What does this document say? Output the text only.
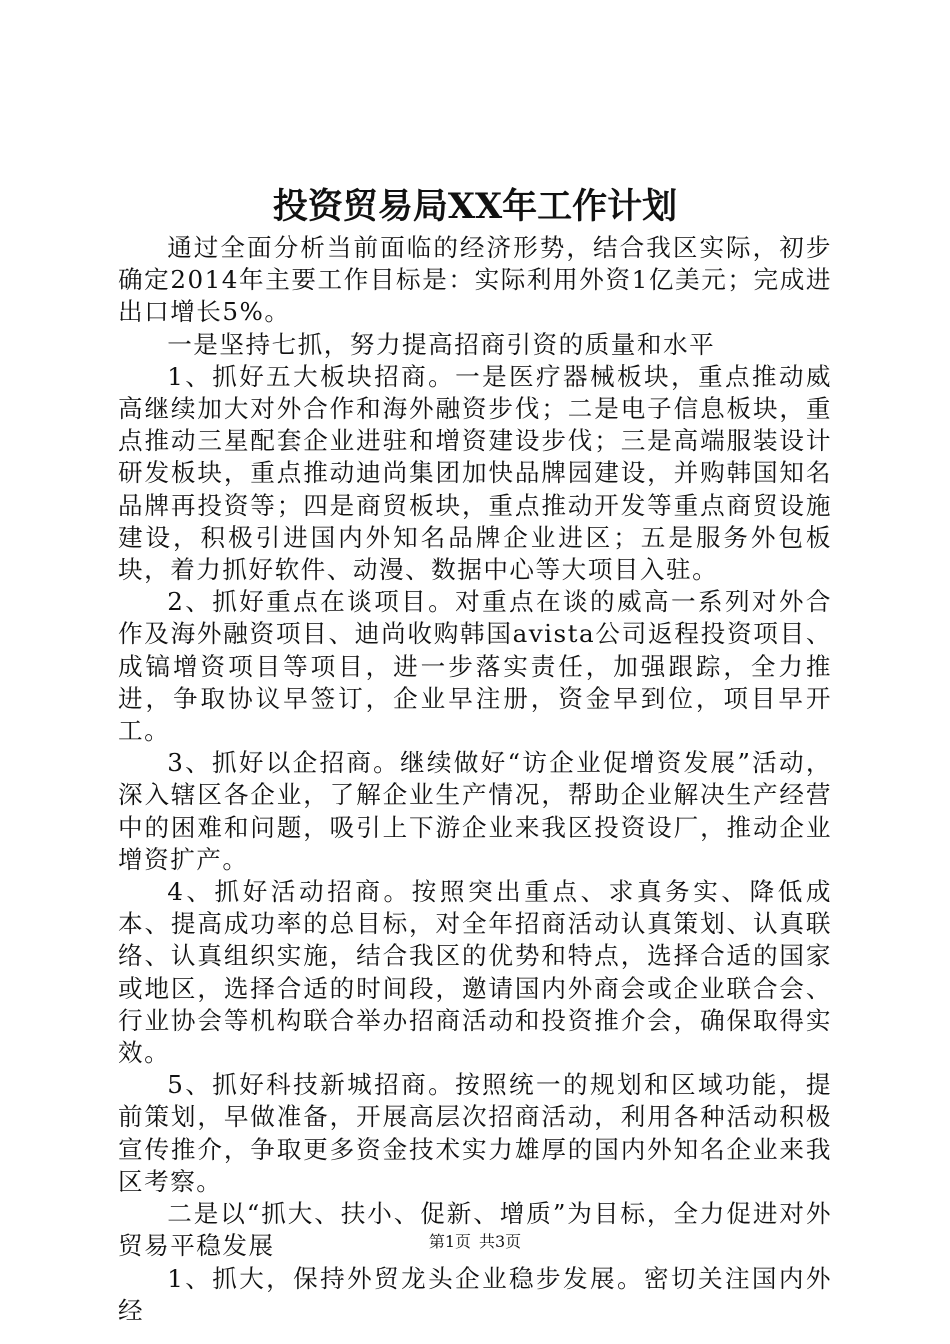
投资贸易局XX年工作计划

通过全面分析当前面临的经济形势，结合我区实际，初步确定2014年主要工作目标是：实际利用外资1亿美元；完成进出口增长5%。

一是坚持七抓，努力提高招商引资的质量和水平

1、抓好五大板块招商。一是医疗器械板块，重点推动威高继续加大对外合作和海外融资步伐；二是电子信息板块，重点推动三星配套企业进驻和增资建设步伐；三是高端服装设计研发板块，重点推动迪尚集团加快品牌园建设，并购韩国知名品牌再投资等；四是商贸板块，重点推动开发等重点商贸设施建设，积极引进国内外知名品牌企业进区；五是服务外包板块，着力抓好软件、动漫、数据中心等大项目入驻。

2、抓好重点在谈项目。对重点在谈的威高一系列对外合作及海外融资项目、迪尚收购韩国avista公司返程投资项目、成镐增资项目等项目，进一步落实责任，加强跟踪，全力推进，争取协议早签订，企业早注册，资金早到位，项目早开工。

3、抓好以企招商。继续做好“访企业促增资发展”活动，深入辖区各企业，了解企业生产情况，帮助企业解决生产经营中的困难和问题，吸引上下游企业来我区投资设厂，推动企业增资扩产。

4、抓好活动招商。按照突出重点、求真务实、降低成本、提高成功率的总目标，对全年招商活动认真策划、认真联络、认真组织实施，结合我区的优势和特点，选择合适的国家或地区，选择合适的时间段，邀请国内外商会或企业联合会、行业协会等机构联合举办招商活动和投资推介会，确保取得实效。

5、抓好科技新城招商。按照统一的规划和区域功能，提前策划，早做准备，开展高层次招商活动，利用各种活动积极宣传推介，争取更多资金技术实力雄厚的国内外知名企业来我区考察。

二是以“抓大、扶小、促新、增质”为目标，全力促进对外贸易平稳发展

1、抓大，保持外贸龙头企业稳步发展。密切关注国内外经

第1页 共3页
